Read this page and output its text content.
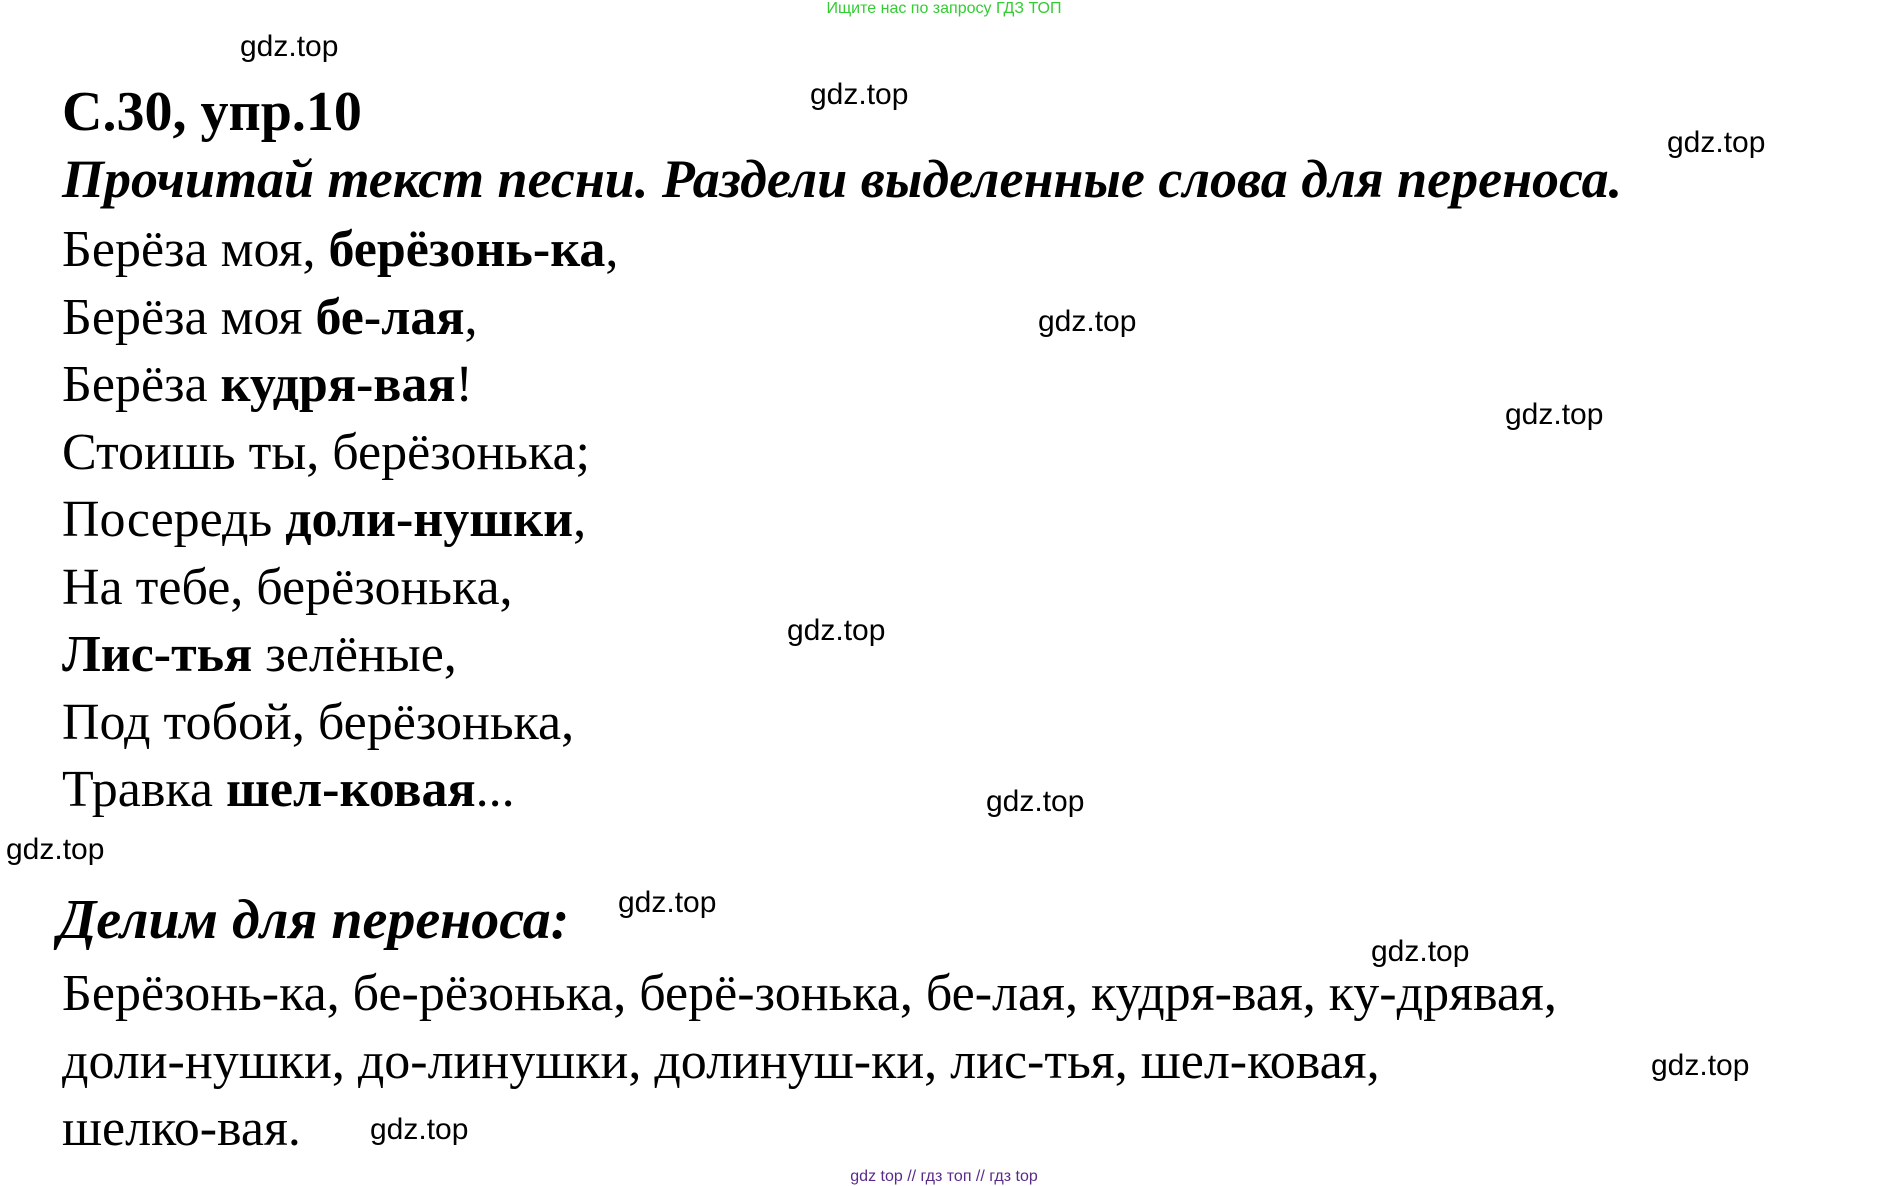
Ищите нас по запросу ГДЗ ТОП
gdz.top
gdz.top
gdz.top
gdz.top
gdz.top
gdz.top
gdz.top
gdz.top
gdz.top
gdz.top
gdz.top
gdz.top
С.30, упр.10
Прочитай текст песни. Раздели выделенные слова для переноса.
Берёза моя, берёзонь-ка,
Берёза моя бе-лая,
Берёза кудря-вая!
Стоишь ты, берёзонька;
Посередь доли-нушки,
На тебе, берёзонька,
Лис-тья зелёные,
Под тобой, берёзонька,
Травка шел-ковая...
Делим для переноса:
Берёзонь-ка, бе-рёзонька, берё-зонька, бе-лая, кудря-вая, ку-дрявая,
доли-нушки, до-линушки, долинуш-ки, лис-тья, шел-ковая,
шелко-вая.
gdz top // гдз топ // гдз top
